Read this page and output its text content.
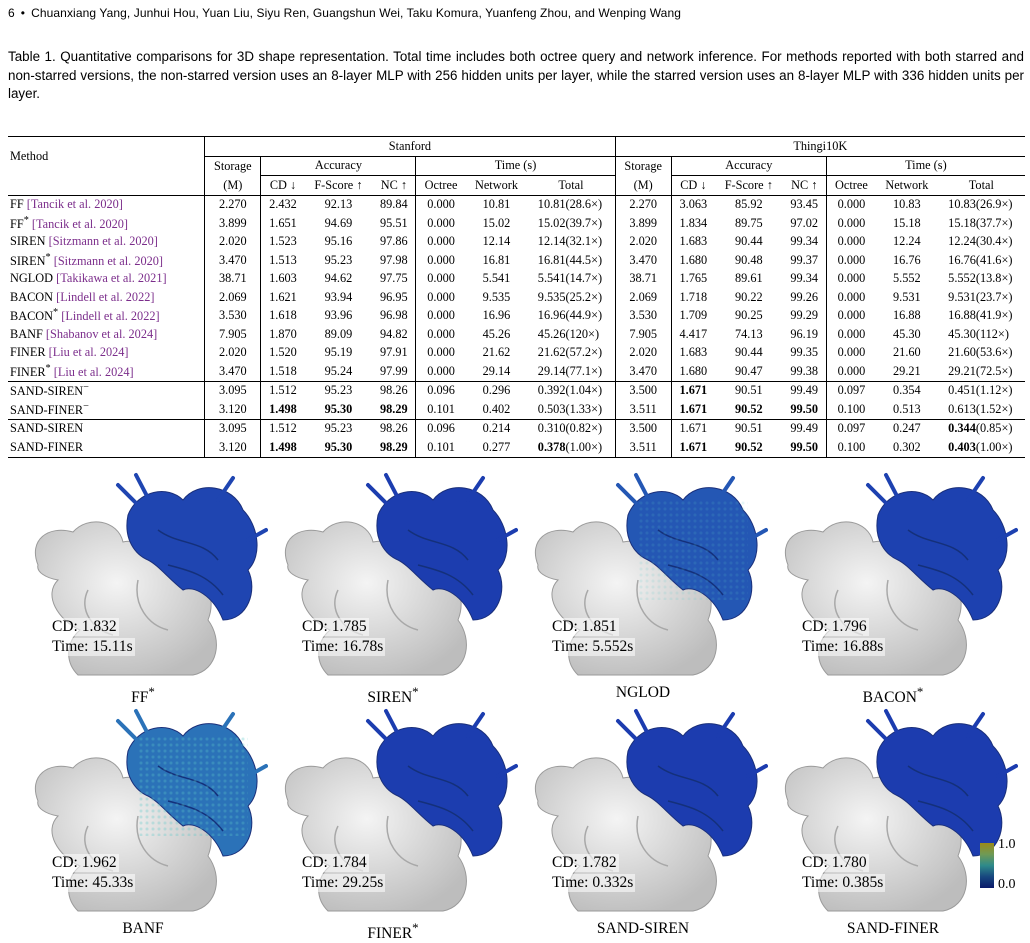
6 • Chuanxiang Yang, Junhui Hou, Yuan Liu, Siyu Ren, Guangshun Wei, Taku Komura, Yuanfeng Zhou, and Wenping Wang
Table 1. Quantitative comparisons for 3D shape representation. Total time includes both octree query and network inference. For methods reported with both starred and non-starred versions, the non-starred version uses an 8-layer MLP with 256 hidden units per layer, while the starred version uses an 8-layer MLP with 336 hidden units per layer.
Method	Stanford								Thingi10K							
	Storage	Accuracy			Time (s)				Storage	Accuracy			Time (s)			
	(M)	CD ↓	F-Score ↑	NC ↑	Octree	Network	Total		(M)	CD ↓	F-Score ↑	NC ↑	Octree	Network	Total	
FF [Tancik et al. 2020]	2.270	2.432	92.13	89.84	0.000	10.81	10.81	(28.6×)	2.270	3.063	85.92	93.45	0.000	10.83	10.83	(26.9×)
FF* [Tancik et al. 2020]	3.899	1.651	94.69	95.51	0.000	15.02	15.02	(39.7×)	3.899	1.834	89.75	97.02	0.000	15.18	15.18	(37.7×)
SIREN [Sitzmann et al. 2020]	2.020	1.523	95.16	97.86	0.000	12.14	12.14	(32.1×)	2.020	1.683	90.44	99.34	0.000	12.24	12.24	(30.4×)
SIREN* [Sitzmann et al. 2020]	3.470	1.513	95.23	97.98	0.000	16.81	16.81	(44.5×)	3.470	1.680	90.48	99.37	0.000	16.76	16.76	(41.6×)
NGLOD [Takikawa et al. 2021]	38.71	1.603	94.62	97.75	0.000	5.541	5.541	(14.7×)	38.71	1.765	89.61	99.34	0.000	5.552	5.552	(13.8×)
BACON [Lindell et al. 2022]	2.069	1.621	93.94	96.95	0.000	9.535	9.535	(25.2×)	2.069	1.718	90.22	99.26	0.000	9.531	9.531	(23.7×)
BACON* [Lindell et al. 2022]	3.530	1.618	93.96	96.98	0.000	16.96	16.96	(44.9×)	3.530	1.709	90.25	99.29	0.000	16.88	16.88	(41.9×)
BANF [Shabanov et al. 2024]	7.905	1.870	89.09	94.82	0.000	45.26	45.26	(120×)	7.905	4.417	74.13	96.19	0.000	45.30	45.30	(112×)
FINER [Liu et al. 2024]	2.020	1.520	95.19	97.91	0.000	21.62	21.62	(57.2×)	2.020	1.683	90.44	99.35	0.000	21.60	21.60	(53.6×)
FINER* [Liu et al. 2024]	3.470	1.518	95.24	97.99	0.000	29.14	29.14	(77.1×)	3.470	1.680	90.47	99.38	0.000	29.21	29.21	(72.5×)
SAND-SIREN−	3.095	1.512	95.23	98.26	0.096	0.296	0.392	(1.04×)	3.500	1.671	90.51	99.49	0.097	0.354	0.451	(1.12×)
SAND-FINER−	3.120	1.498	95.30	98.29	0.101	0.402	0.503	(1.33×)	3.511	1.671	90.52	99.50	0.100	0.513	0.613	(1.52×)
SAND-SIREN	3.095	1.512	95.23	98.26	0.096	0.214	0.310	(0.82×)	3.500	1.671	90.51	99.49	0.097	0.247	0.344	(0.85×)
SAND-FINER	3.120	1.498	95.30	98.29	0.101	0.277	0.378	(1.00×)	3.511	1.671	90.52	99.50	0.100	0.302	0.403	(1.00×)
CD: 1.832
Time: 15.11s
FF*
CD: 1.785
Time: 16.78s
SIREN*
CD: 1.851
Time: 5.552s
NGLOD
CD: 1.796
Time: 16.88s
BACON*
CD: 1.962
Time: 45.33s
BANF
CD: 1.784
Time: 29.25s
FINER*
CD: 1.782
Time: 0.332s
SAND-SIREN
CD: 1.780
Time: 0.385s
SAND-FINER
1.0
0.0
